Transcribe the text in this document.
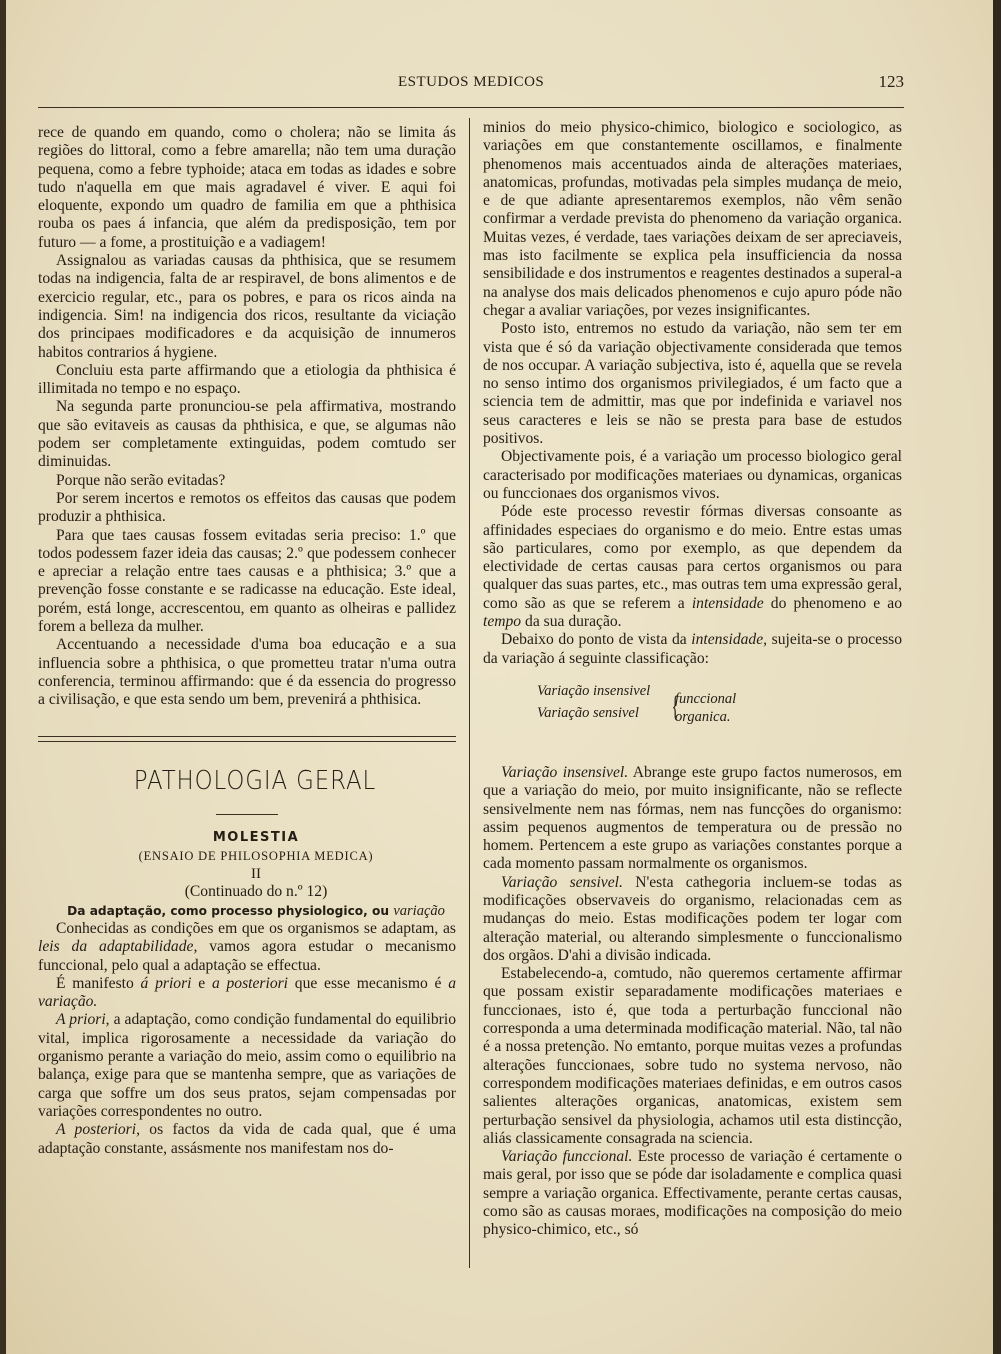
ESTUDOS MEDICOS	123

rece de quando em quando, como o cholera; não se limita ás regiões do littoral, como a febre amarella; não tem uma duração pequena, como a febre typhoide; ataca em todas as idades e sobre tudo n'aquella em que mais agradavel é viver. E aqui foi eloquente, expondo um quadro de familia em que a phthisica rouba os paes á infancia, que além da predisposição, tem por futuro — a fome, a prostituição e a vadiagem!

Assignalou as variadas causas da phthisica, que se resumem todas na indigencia, falta de ar respiravel, de bons alimentos e de exercicio regular, etc., para os pobres, e para os ricos ainda na indigencia. Sim! na indigencia dos ricos, resultante da viciação dos principaes modificadores e da acquisição de innumeros habitos contrarios á hygiene.

Concluiu esta parte affirmando que a etiologia da phthisica é illimitada no tempo e no espaço.

Na segunda parte pronunciou-se pela affirmativa, mostrando que são evitaveis as causas da phthisica, e que, se algumas não podem ser completamente extinguidas, podem comtudo ser diminuidas.

Porque não serão evitadas?

Por serem incertos e remotos os effeitos das causas que podem produzir a phthisica.

Para que taes causas fossem evitadas seria preciso: 1.º que todos podessem fazer ideia das causas; 2.º que podessem conhecer e apreciar a relação entre taes causas e a phthisica; 3.º que a prevenção fosse constante e se radicasse na educação. Este ideal, porém, está longe, accrescentou, em quanto as olheiras e pallidez forem a belleza da mulher.

Accentuando a necessidade d'uma boa educação e a sua influencia sobre a phthisica, o que prometteu tratar n'uma outra conferencia, terminou affirmando: que é da essencia do progresso a civilisação, e que esta sendo um bem, prevenirá a phthisica.

PATHOLOGIA GERAL

MOLESTIA

(ENSAIO DE PHILOSOPHIA MEDICA)

II

(Continuado do n.º 12)

Da adaptação, como processo physiologico, ou variação

Conhecidas as condições em que os organismos se adaptam, as leis da adaptabilidade, vamos agora estudar o mecanismo funccional, pelo qual a adaptação se effectua.

É manifesto á priori e a posteriori que esse mecanismo é a variação.

A priori, a adaptação, como condição fundamental do equilibrio vital, implica rigorosamente a necessidade da variação do organismo perante a variação do meio, assim como o equilibrio na balança, exige para que se mantenha sempre, que as variações de carga que soffre um dos seus pratos, sejam compensadas por variações correspondentes no outro.

A posteriori, os factos da vida de cada qual, que é uma adaptação constante, assásmente nos manifestam nos do-

minios do meio physico-chimico, biologico e sociologico, as variações em que constantemente oscillamos, e finalmente phenomenos mais accentuados ainda de alterações materiaes, anatomicas, profundas, motivadas pela simples mudança de meio, e de que adiante apresentaremos exemplos, não vêm senão confirmar a verdade prevista do phenomeno da variação organica. Muitas vezes, é verdade, taes variações deixam de ser apreciaveis, mas isto facilmente se explica pela insufficiencia da nossa sensibilidade e dos instrumentos e reagentes destinados a superal-a na analyse dos mais delicados phenomenos e cujo apuro póde não chegar a avaliar variações, por vezes insignificantes.

Posto isto, entremos no estudo da variação, não sem ter em vista que é só da variação objectivamente considerada que temos de nos occupar. A variação subjectiva, isto é, aquella que se revela no senso intimo dos organismos privilegiados, é um facto que a sciencia tem de admittir, mas que por indefinida e variavel nos seus caracteres e leis se não se presta para base de estudos positivos.

Objectivamente pois, é a variação um processo biologico geral caracterisado por modificações materiaes ou dynamicas, organicas ou funccionaes dos organismos vivos.

Póde este processo revestir fórmas diversas consoante as affinidades especiaes do organismo e do meio. Entre estas umas são particulares, como por exemplo, as que dependem da electividade de certas causas para certos organismos ou para qualquer das suas partes, etc., mas outras tem uma expressão geral, como são as que se referem a intensidade do phenomeno e ao tempo da sua duração.

Debaixo do ponto de vista da intensidade, sujeita-se o processo da variação á seguinte classificação:

Variação insensivel
Variação sensivel {
funccional
organica.

Variação insensivel. Abrange este grupo factos numerosos, em que a variação do meio, por muito insignificante, não se reflecte sensivelmente nem nas fórmas, nem nas funcções do organismo: assim pequenos augmentos de temperatura ou de pressão no homem. Pertencem a este grupo as variações constantes porque a cada momento passam normalmente os organismos.

Variação sensivel. N'esta cathegoria incluem-se todas as modificações observaveis do organismo, relacionadas cem as mudanças do meio. Estas modificações podem ter logar com alteração material, ou alterando simplesmente o funccionalismo dos orgãos. D'ahi a divisão indicada.

Estabelecendo-a, comtudo, não queremos certamente affirmar que possam existir separadamente modificações materiaes e funccionaes, isto é, que toda a perturbação funccional não corresponda a uma determinada modificação material. Não, tal não é a nossa pretenção. No emtanto, porque muitas vezes a profundas alterações funccionaes, sobre tudo no systema nervoso, não correspondem modificações materiaes definidas, e em outros casos salientes alterações organicas, anatomicas, existem sem perturbação sensivel da physiologia, achamos util esta distincção, aliás classicamente consagrada na sciencia.

Variação funccional. Este processo de variação é certamente o mais geral, por isso que se póde dar isoladamente e complica quasi sempre a variação organica. Effectivamente, perante certas causas, como são as causas moraes, modificações na composição do meio physico-chimico, etc., só
